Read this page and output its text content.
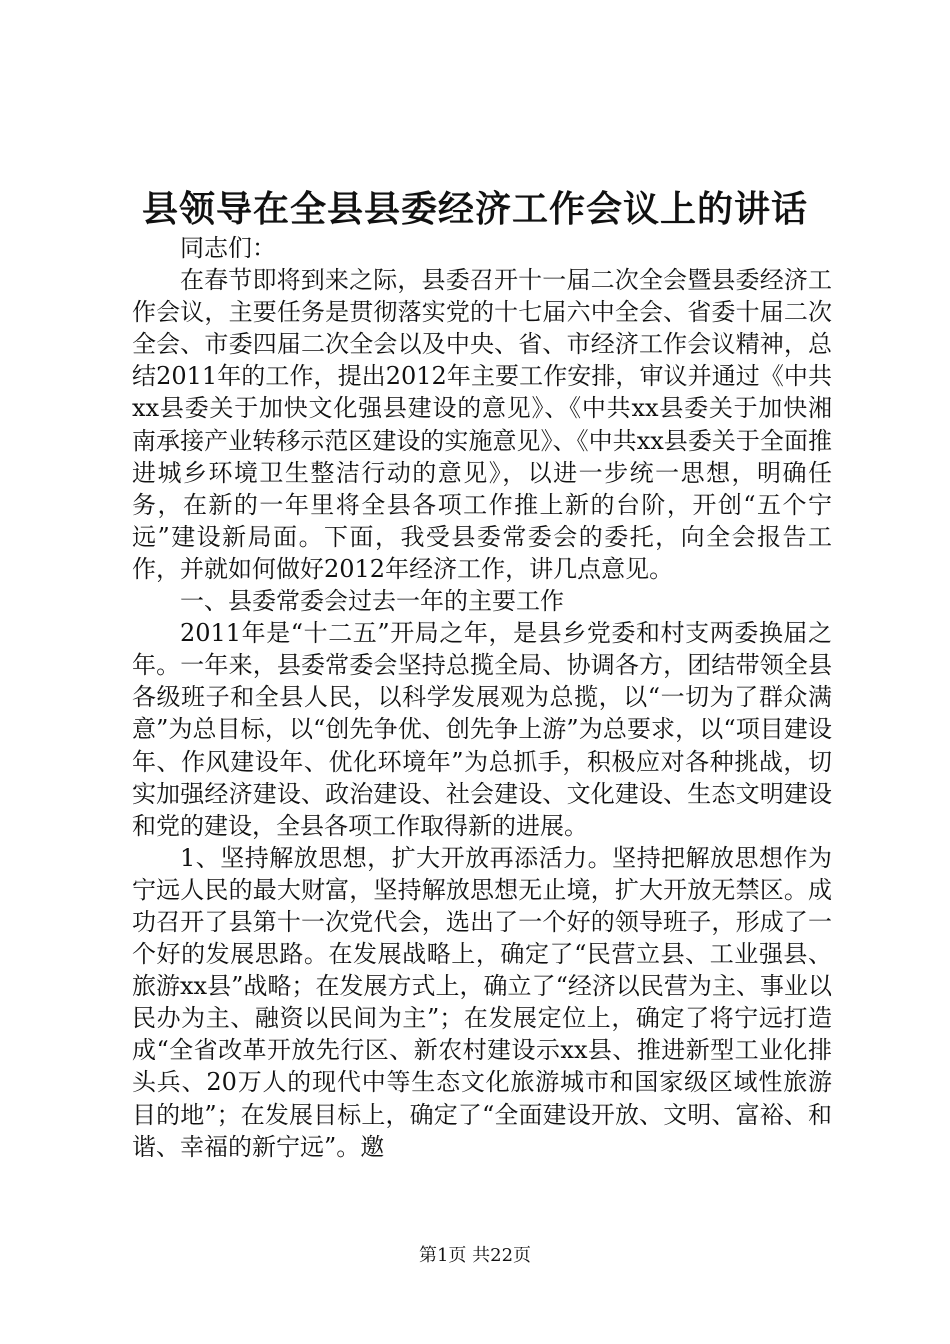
县领导在全县县委经济工作会议上的讲话

同志们：

在春节即将到来之际，县委召开十一届二次全会暨县委经济工作会议，主要任务是贯彻落实党的十七届六中全会、省委十届二次全会、市委四届二次全会以及中央、省、市经济工作会议精神，总结2011年的工作，提出2012年主要工作安排，审议并通过《中共xx县委关于加快文化强县建设的意见》、《中共xx县委关于加快湘南承接产业转移示范区建设的实施意见》、《中共xx县委关于全面推进城乡环境卫生整洁行动的意见》，以进一步统一思想，明确任务，在新的一年里将全县各项工作推上新的台阶，开创“五个宁远”建设新局面。下面，我受县委常委会的委托，向全会报告工作，并就如何做好2012年经济工作，讲几点意见。

一、县委常委会过去一年的主要工作

2011年是“十二五”开局之年，是县乡党委和村支两委换届之年。一年来，县委常委会坚持总揽全局、协调各方，团结带领全县各级班子和全县人民，以科学发展观为总揽，以“一切为了群众满意”为总目标，以“创先争优、创先争上游”为总要求，以“项目建设年、作风建设年、优化环境年”为总抓手，积极应对各种挑战，切实加强经济建设、政治建设、社会建设、文化建设、生态文明建设和党的建设，全县各项工作取得新的进展。

1、坚持解放思想，扩大开放再添活力。坚持把解放思想作为宁远人民的最大财富，坚持解放思想无止境，扩大开放无禁区。成功召开了县第十一次党代会，选出了一个好的领导班子，形成了一个好的发展思路。在发展战略上，确定了“民营立县、工业强县、旅游xx县”战略；在发展方式上，确立了“经济以民营为主、事业以民办为主、融资以民间为主”；在发展定位上，确定了将宁远打造成“全省改革开放先行区、新农村建设示xx县、推进新型工业化排头兵、20万人的现代中等生态文化旅游城市和国家级区域性旅游目的地”；在发展目标上，确定了“全面建设开放、文明、富裕、和谐、幸福的新宁远”。邀

第1页 共22页
